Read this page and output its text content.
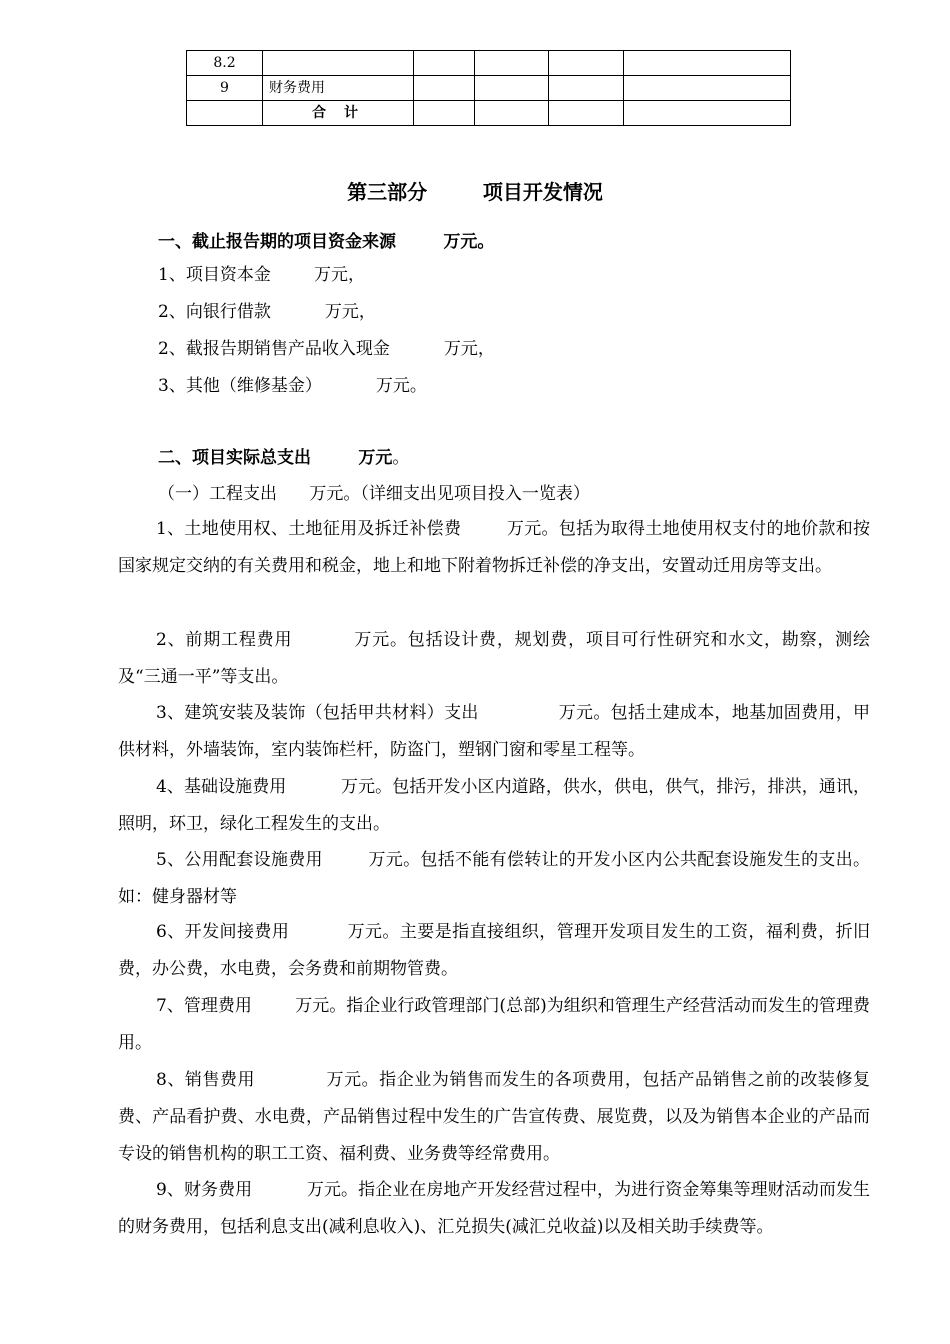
8.2					
9	财务费用				
	合计				
第三部分        项目开发情况
一、截止报告期的项目资金来源        万元。
1、项目资本金        万元，
2、向银行借款          万元，
2、截报告期销售产品收入现金          万元，
3、其他（维修基金）          万元。
二、项目实际总支出        万元。
（一）工程支出      万元。（详细支出见项目投入一览表）
1、土地使用权、土地征用及拆迁补偿费        万元。包括为取得土地使用权支付的地价款和按国家规定交纳的有关费用和税金，地上和地下附着物拆迁补偿的净支出，安置动迁用房等支出。
2、前期工程费用          万元。包括设计费，规划费，项目可行性研究和水文，勘察，测绘及“三通一平”等支出。
3、建筑安装及装饰（包括甲共材料）支出              万元。包括土建成本，地基加固费用，甲供材料，外墙装饰，室内装饰栏杆，防盗门，塑钢门窗和零星工程等。
4、基础设施费用          万元。包括开发小区内道路，供水，供电，供气，排污，排洪，通讯，照明，环卫，绿化工程发生的支出。
5、公用配套设施费用        万元。包括不能有偿转让的开发小区内公共配套设施发生的支出。如：健身器材等
6、开发间接费用          万元。主要是指直接组织，管理开发项目发生的工资，福利费，折旧费，办公费，水电费，会务费和前期物管费。
7、管理费用        万元。指企业行政管理部门(总部)为组织和管理生产经营活动而发生的管理费用。
8、销售费用            万元。指企业为销售而发生的各项费用，包括产品销售之前的改装修复费、产品看护费、水电费，产品销售过程中发生的广告宣传费、展览费，以及为销售本企业的产品而专设的销售机构的职工工资、福利费、业务费等经常费用。
9、财务费用          万元。指企业在房地产开发经营过程中，为进行资金筹集等理财活动而发生的财务费用，包括利息支出(减利息收入)、汇兑损失(减汇兑收益)以及相关助手续费等。
